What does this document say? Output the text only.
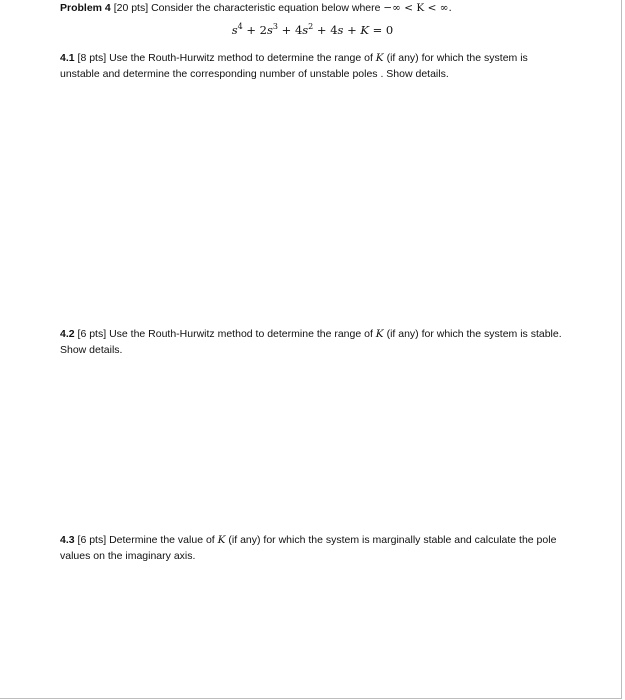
Problem 4 [20 pts] Consider the characteristic equation below where −∞ < K < ∞.
$s^4 + 2s^3 + 4s^2 + 4s + K = 0$
4.1 [8 pts] Use the Routh-Hurwitz method to determine the range of K (if any) for which the system is unstable and determine the corresponding number of unstable poles . Show details.
4.2 [6 pts] Use the Routh-Hurwitz method to determine the range of K (if any) for which the system is stable. Show details.
4.3 [6 pts] Determine the value of K (if any) for which the system is marginally stable and calculate the pole values on the imaginary axis.
